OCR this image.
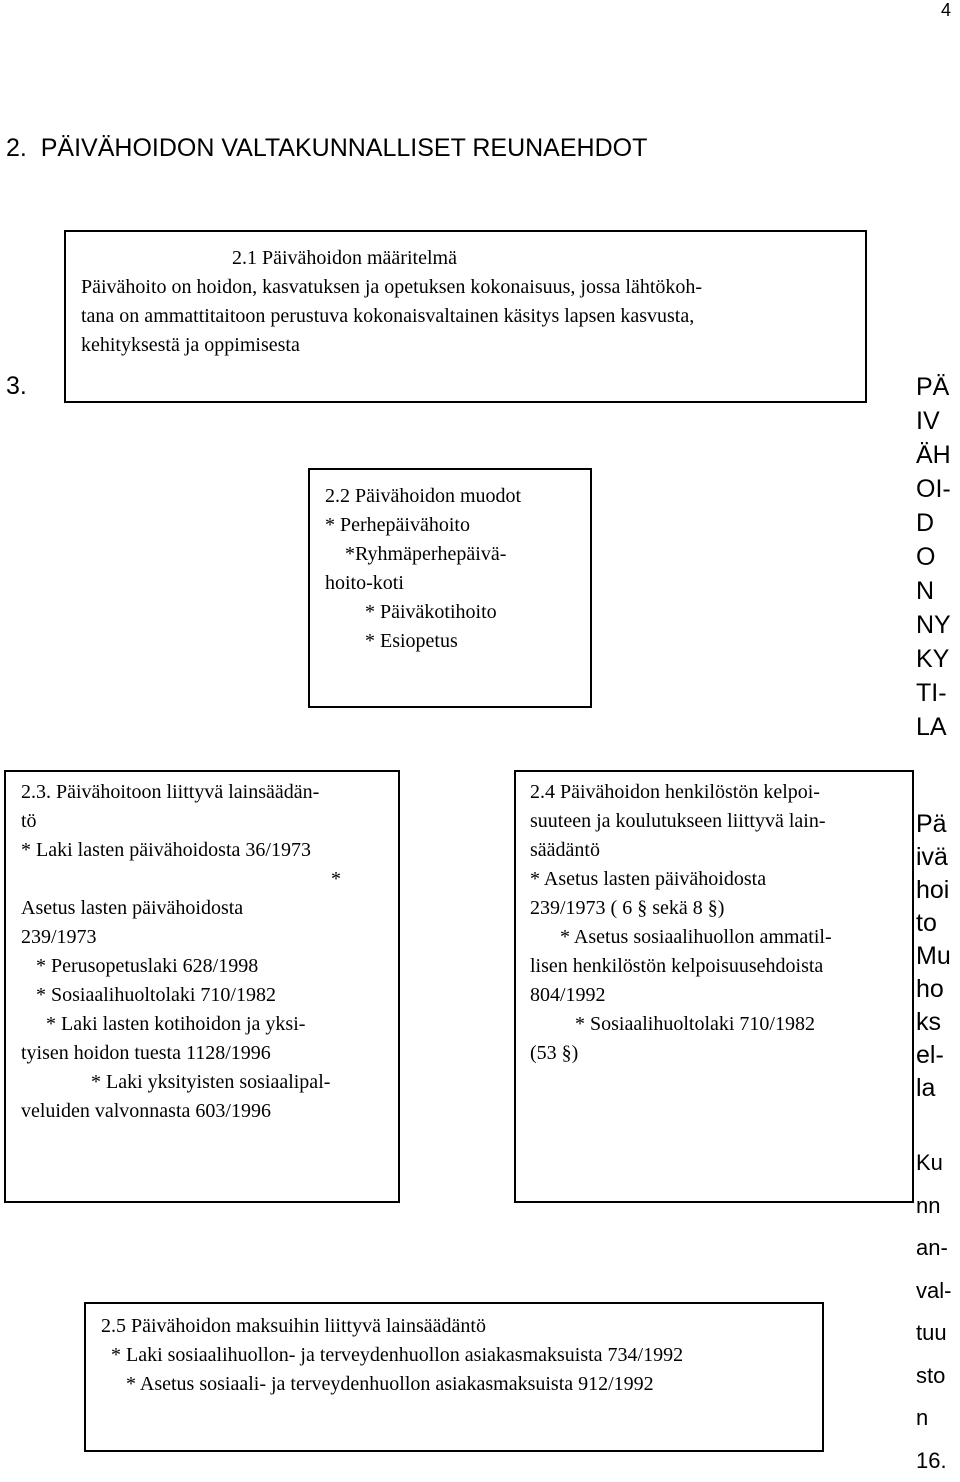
4
2.  PÄIVÄHOIDON VALTAKUNNALLISET REUNAEHDOT
3.
2.1 Päivähoidon määritelmä
Päivähoito on hoidon, kasvatuksen ja opetuksen kokonaisuus, jossa lähtökoh-
tana on ammattitaitoon perustuva kokonaisvaltainen käsitys lapsen kasvusta,
kehityksestä ja oppimisesta
2.2 Päivähoidon muodot
* Perhepäivähoito
*Ryhmäperhepäivä-
hoito-koti
* Päiväkotihoito
* Esiopetus
2.3. Päivähoitoon liittyvä lainsäädän-
tö
* Laki lasten päivähoidosta 36/1973
*
Asetus lasten päivähoidosta
239/1973
* Perusopetuslaki 628/1998
* Sosiaalihuoltolaki 710/1982
* Laki lasten kotihoidon ja yksi-
tyisen hoidon tuesta 1128/1996
* Laki yksityisten sosiaalipal-
veluiden valvonnasta 603/1996
2.4 Päivähoidon henkilöstön kelpoi-
suuteen ja koulutukseen liittyvä lain-
säädäntö
* Asetus lasten päivähoidosta
239/1973 ( 6 § sekä 8 §)
* Asetus sosiaalihuollon ammatil-
lisen henkilöstön kelpoisuusehdoista
804/1992
* Sosiaalihuoltolaki 710/1982
(53 §)
2.5 Päivähoidon maksuihin liittyvä lainsäädäntö
* Laki sosiaalihuollon- ja terveydenhuollon asiakasmaksuista 734/1992
* Asetus sosiaali- ja terveydenhuollon asiakasmaksuista 912/1992
PÄ
IV
ÄH
OI-
D
O
N
NY
KY
TI-
LA
Pä
ivä
hoi
to
Mu
ho
ks
el-
la
Ku
nn
an-
val-
tuu
sto
n
16.
